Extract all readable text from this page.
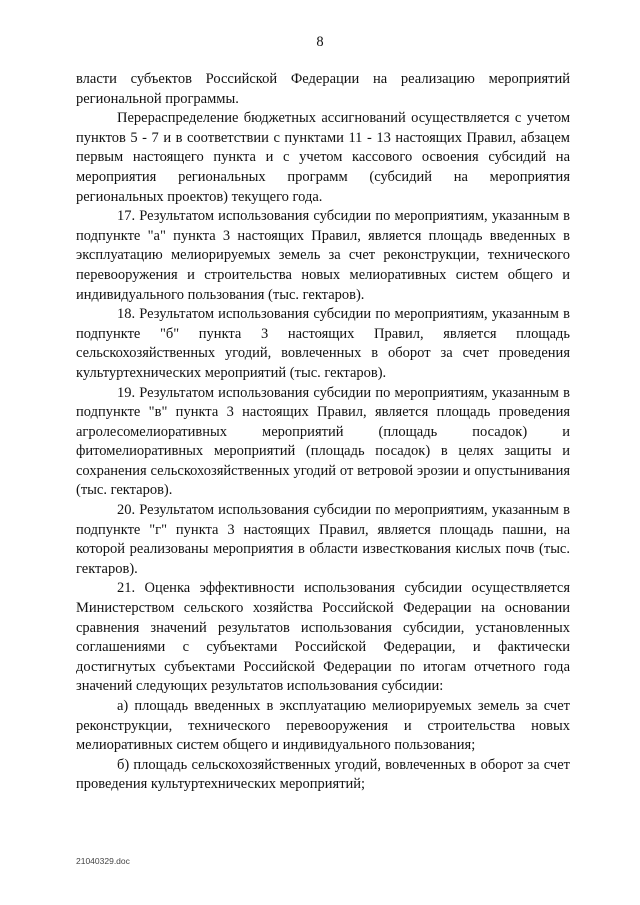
8

власти субъектов Российской Федерации на реализацию мероприятий региональной программы.

Перераспределение бюджетных ассигнований осуществляется с учетом пунктов 5 - 7 и в соответствии с пунктами 11 - 13 настоящих Правил, абзацем первым настоящего пункта и с учетом кассового освоения субсидий на мероприятия региональных программ (субсидий на мероприятия региональных проектов) текущего года.

17. Результатом использования субсидии по мероприятиям, указанным в подпункте "а" пункта 3 настоящих Правил, является площадь введенных в эксплуатацию мелиорируемых земель за счет реконструкции, технического перевооружения и строительства новых мелиоративных систем общего и индивидуального пользования (тыс. гектаров).

18. Результатом использования субсидии по мероприятиям, указанным в подпункте "б" пункта 3 настоящих Правил, является площадь сельскохозяйственных угодий, вовлеченных в оборот за счет проведения культуртехнических мероприятий (тыс. гектаров).

19. Результатом использования субсидии по мероприятиям, указанным в подпункте "в" пункта 3 настоящих Правил, является площадь проведения агролесомелиоративных мероприятий (площадь посадок) и фитомелиоративных мероприятий (площадь посадок) в целях защиты и сохранения сельскохозяйственных угодий от ветровой эрозии и опустынивания (тыс. гектаров).

20. Результатом использования субсидии по мероприятиям, указанным в подпункте "г" пункта 3 настоящих Правил, является площадь пашни, на которой реализованы мероприятия в области известкования кислых почв (тыс. гектаров).

21. Оценка эффективности использования субсидии осуществляется Министерством сельского хозяйства Российской Федерации на основании сравнения значений результатов использования субсидии, установленных соглашениями с субъектами Российской Федерации, и фактически достигнутых субъектами Российской Федерации по итогам отчетного года значений следующих результатов использования субсидии:

а) площадь введенных в эксплуатацию мелиорируемых земель за счет реконструкции, технического перевооружения и строительства новых мелиоративных систем общего и индивидуального пользования;

б) площадь сельскохозяйственных угодий, вовлеченных в оборот за счет проведения культуртехнических мероприятий;

21040329.doc
